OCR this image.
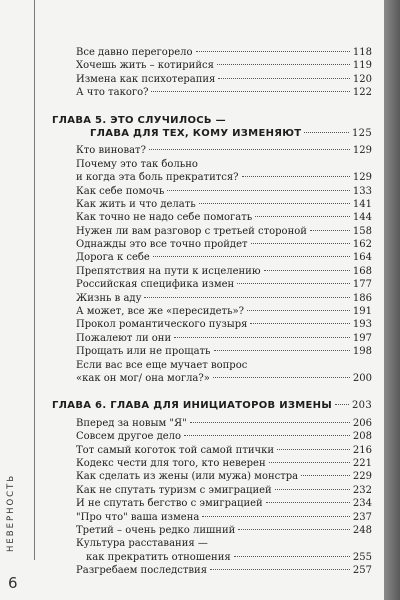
НЕВЕРНОСТЬ
6
Все давно перегорело	118
Хочешь жить – котирийся	119
Измена как психотерапия	120
А что такого?	122
ГЛАВА 5. ЭТО СЛУЧИЛОСЬ —
ГЛАВА ДЛЯ ТЕХ, КОМУ ИЗМЕНЯЮТ	125
Кто виноват?	129
Почему это так больно
и когда эта боль прекратится?	129
Как себе помочь	133
Как жить и что делать	141
Как точно не надо себе помогать	144
Нужен ли вам разговор с третьей стороной	158
Однажды это все точно пройдет	162
Дорога к себе	164
Препятствия на пути к исцелению	168
Российская специфика измен	177
Жизнь в аду	186
А может, все же «пересидеть»?	191
Прокол романтического пузыря	193
Пожалеют ли они	197
Прощать или не прощать	198
Если вас все еще мучает вопрос
«как он мог/ она могла?»	200
ГЛАВА 6. ГЛАВА ДЛЯ ИНИЦИАТОРОВ ИЗМЕНЫ 203
Вперед за новым "Я"	206
Совсем другое дело	208
Тот самый коготок той самой птички	216
Кодекс чести для того, кто неверен	221
Как сделать из жены (или мужа) монстра	229
Как не спутать туризм с эмиграцией	232
И не спутать бегство с эмиграцией	234
"Про что" ваша измена	237
Третий – очень редко лишний	248
Культура расставания —
как прекратить отношения	255
Разгребаем последствия	257
